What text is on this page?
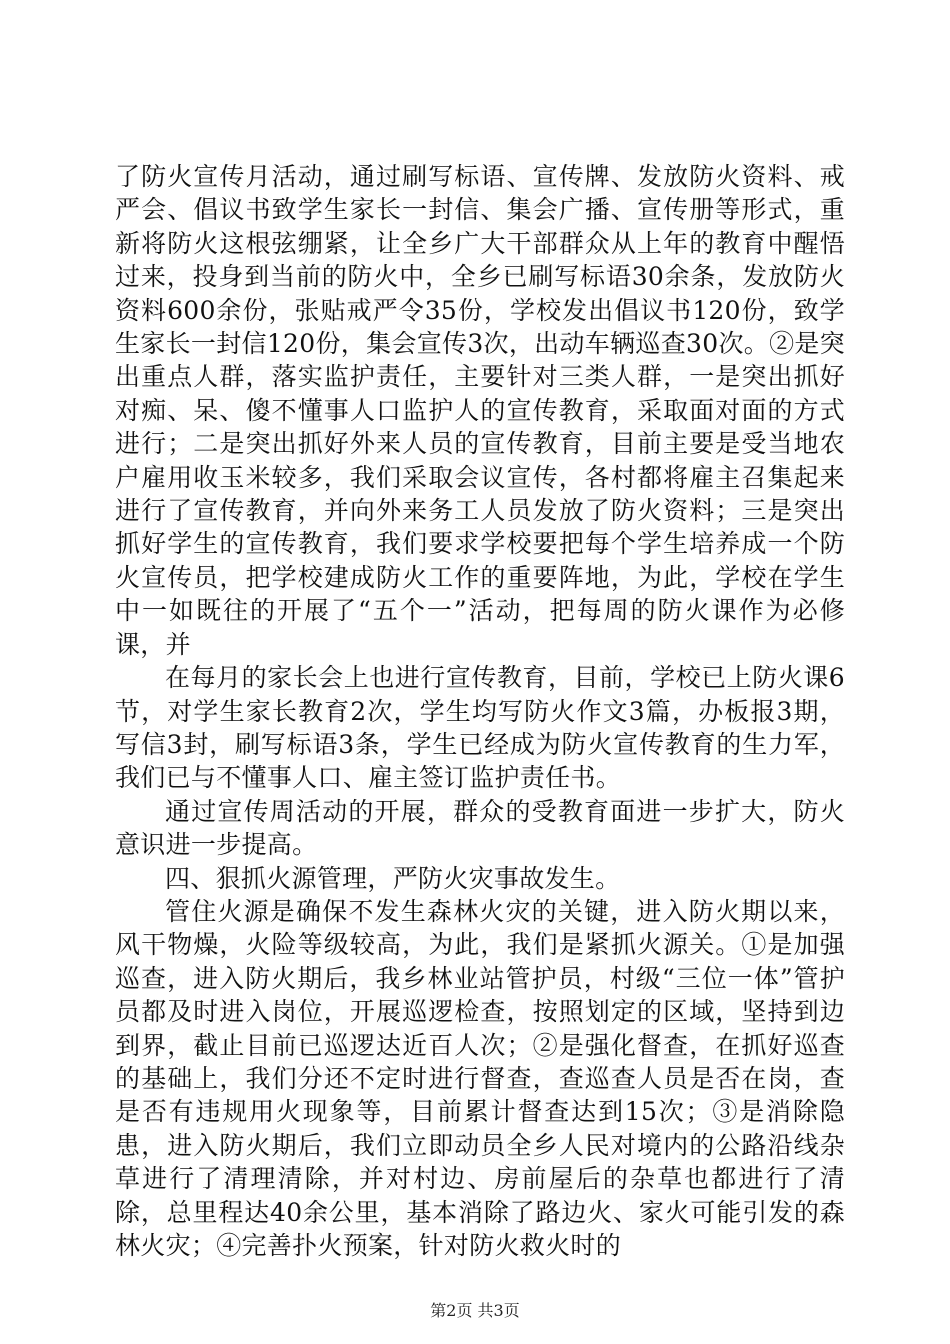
了防火宣传月活动，通过刷写标语、宣传牌、发放防火资料、戒严会、倡议书致学生家长一封信、集会广播、宣传册等形式，重新将防火这根弦绷紧，让全乡广大干部群众从上年的教育中醒悟过来，投身到当前的防火中，全乡已刷写标语30余条，发放防火资料600余份，张贴戒严令35份，学校发出倡议书120份，致学生家长一封信120份，集会宣传3次，出动车辆巡查30次。②是突出重点人群，落实监护责任，主要针对三类人群，一是突出抓好对痴、呆、傻不懂事人口监护人的宣传教育，采取面对面的方式进行；二是突出抓好外来人员的宣传教育，目前主要是受当地农户雇用收玉米较多，我们采取会议宣传，各村都将雇主召集起来进行了宣传教育，并向外来务工人员发放了防火资料；三是突出抓好学生的宣传教育，我们要求学校要把每个学生培养成一个防火宣传员，把学校建成防火工作的重要阵地，为此，学校在学生中一如既往的开展了“五个一”活动，把每周的防火课作为必修课，并

在每月的家长会上也进行宣传教育，目前，学校已上防火课6节，对学生家长教育2次，学生均写防火作文3篇，办板报3期，写信3封，刷写标语3条，学生已经成为防火宣传教育的生力军，我们已与不懂事人口、雇主签订监护责任书。

通过宣传周活动的开展，群众的受教育面进一步扩大，防火意识进一步提高。

四、狠抓火源管理，严防火灾事故发生。

管住火源是确保不发生森林火灾的关键，进入防火期以来，风干物燥，火险等级较高，为此，我们是紧抓火源关。①是加强巡查，进入防火期后，我乡林业站管护员，村级“三位一体”管护员都及时进入岗位，开展巡逻检查，按照划定的区域，坚持到边到界，截止目前已巡逻达近百人次；②是强化督查，在抓好巡查的基础上，我们分还不定时进行督查，查巡查人员是否在岗，查是否有违规用火现象等，目前累计督查达到15次；③是消除隐患，进入防火期后，我们立即动员全乡人民对境内的公路沿线杂草进行了清理清除，并对村边、房前屋后的杂草也都进行了清除，总里程达40余公里，基本消除了路边火、家火可能引发的森林火灾；④完善扑火预案，针对防火救火时的

第2页 共3页
